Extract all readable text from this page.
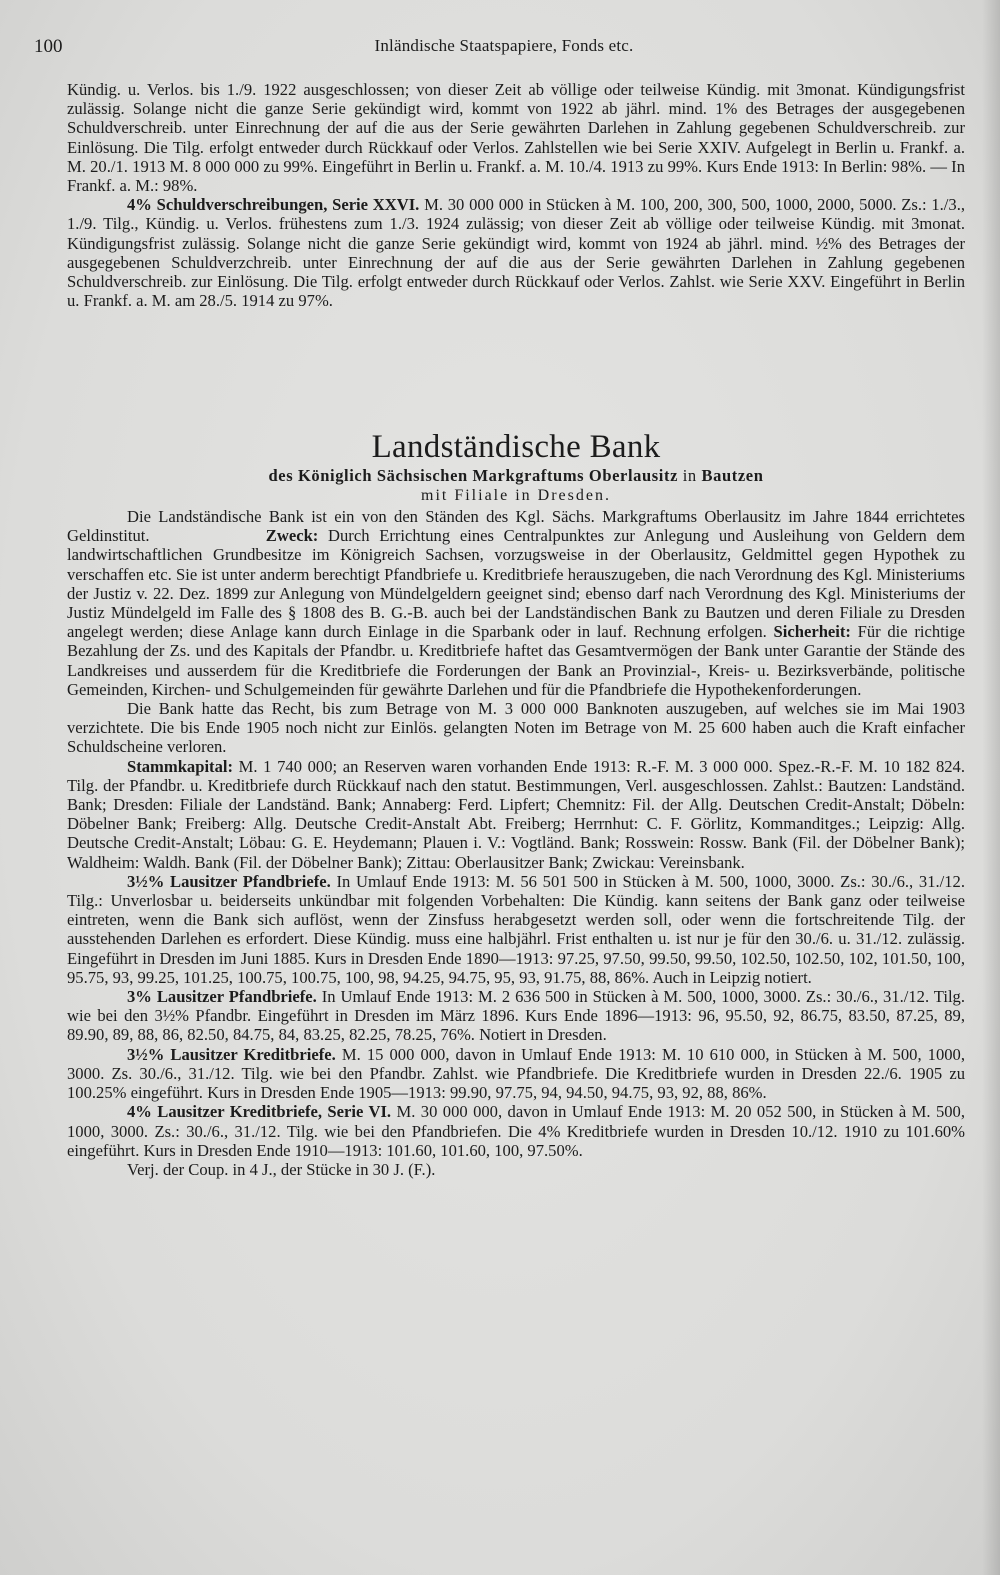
100	Inländische Staatspapiere, Fonds etc.

Kündig. u. Verlos. bis 1./9. 1922 ausgeschlossen; von dieser Zeit ab völlige oder teilweise Kündig. mit 3monat. Kündigungsfrist zulässig. Solange nicht die ganze Serie gekündigt wird, kommt von 1922 ab jährl. mind. 1% des Betrages der ausgegebenen Schuldverschreib. unter Einrechnung der auf die aus der Serie gewährten Darlehen in Zahlung gegebenen Schuldverschreib. zur Einlösung. Die Tilg. erfolgt entweder durch Rückkauf oder Verlos. Zahlstellen wie bei Serie XXIV. Aufgelegt in Berlin u. Frankf. a. M. 20./1. 1913 M. 8 000 000 zu 99%. Eingeführt in Berlin u. Frankf. a. M. 10./4. 1913 zu 99%. Kurs Ende 1913: In Berlin: 98%. — In Frankf. a. M.: 98%.

4% Schuldverschreibungen, Serie XXVI. M. 30 000 000 in Stücken à M. 100, 200, 300, 500, 1000, 2000, 5000. Zs.: 1./3., 1./9. Tilg., Kündig. u. Verlos. frühestens zum 1./3. 1924 zulässig; von dieser Zeit ab völlige oder teilweise Kündig. mit 3monat. Kündigungsfrist zulässig. Solange nicht die ganze Serie gekündigt wird, kommt von 1924 ab jährl. mind. ½% des Betrages der ausgegebenen Schuldverzchreib. unter Einrechnung der auf die aus der Serie gewährten Darlehen in Zahlung gegebenen Schuldverschreib. zur Einlösung. Die Tilg. erfolgt entweder durch Rückkauf oder Verlos. Zahlst. wie Serie XXV. Eingeführt in Berlin u. Frankf. a. M. am 28./5. 1914 zu 97%.

Landständische Bank
des Königlich Sächsischen Markgraftums Oberlausitz in Bautzen
mit Filiale in Dresden.

Die Landständische Bank ist ein von den Ständen des Kgl. Sächs. Markgraftums Oberlausitz im Jahre 1844 errichtetes Geldinstitut.	Zweck: Durch Errichtung eines Centralpunktes zur Anlegung und Ausleihung von Geldern dem landwirtschaftlichen Grundbesitze im Königreich Sachsen, vorzugsweise in der Oberlausitz, Geldmittel gegen Hypothek zu verschaffen etc. Sie ist unter anderm berechtigt Pfandbriefe u. Kreditbriefe herauszugeben, die nach Verordnung des Kgl. Ministeriums der Justiz v. 22. Dez. 1899 zur Anlegung von Mündelgeldern geeignet sind; ebenso darf nach Verordnung des Kgl. Ministeriums der Justiz Mündelgeld im Falle des § 1808 des B. G.-B. auch bei der Landständischen Bank zu Bautzen und deren Filiale zu Dresden angelegt werden; diese Anlage kann durch Einlage in die Sparbank oder in lauf. Rechnung erfolgen. Sicherheit: Für die richtige Bezahlung der Zs. und des Kapitals der Pfandbr. u. Kreditbriefe haftet das Gesamtvermögen der Bank unter Garantie der Stände des Landkreises und ausserdem für die Kreditbriefe die Forderungen der Bank an Provinzial-, Kreis- u. Bezirksverbände, politische Gemeinden, Kirchen- und Schulgemeinden für gewährte Darlehen und für die Pfandbriefe die Hypothekenforderungen.

Die Bank hatte das Recht, bis zum Betrage von M. 3 000 000 Banknoten auszugeben, auf welches sie im Mai 1903 verzichtete. Die bis Ende 1905 noch nicht zur Einlös. gelangten Noten im Betrage von M. 25 600 haben auch die Kraft einfacher Schuldscheine verloren.

Stammkapital: M. 1 740 000; an Reserven waren vorhanden Ende 1913: R.-F. M. 3 000 000. Spez.-R.-F. M. 10 182 824. Tilg. der Pfandbr. u. Kreditbriefe durch Rückkauf nach den statut. Bestimmungen, Verl. ausgeschlossen. Zahlst.: Bautzen: Landständ. Bank; Dresden: Filiale der Landständ. Bank; Annaberg: Ferd. Lipfert; Chemnitz: Fil. der Allg. Deutschen Credit-Anstalt; Döbeln: Döbelner Bank; Freiberg: Allg. Deutsche Credit-Anstalt Abt. Freiberg; Herrnhut: C. F. Görlitz, Kommanditges.; Leipzig: Allg. Deutsche Credit-Anstalt; Löbau: G. E. Heydemann; Plauen i. V.: Vogtländ. Bank; Rosswein: Rossw. Bank (Fil. der Döbelner Bank); Waldheim: Waldh. Bank (Fil. der Döbelner Bank); Zittau: Oberlausitzer Bank; Zwickau: Vereinsbank.

3½% Lausitzer Pfandbriefe. In Umlauf Ende 1913: M. 56 501 500 in Stücken à M. 500, 1000, 3000. Zs.: 30./6., 31./12. Tilg.: Unverlosbar u. beiderseits unkündbar mit folgenden Vorbehalten: Die Kündig. kann seitens der Bank ganz oder teilweise eintreten, wenn die Bank sich auflöst, wenn der Zinsfuss herabgesetzt werden soll, oder wenn die fortschreitende Tilg. der ausstehenden Darlehen es erfordert. Diese Kündig. muss eine halbjährl. Frist enthalten u. ist nur je für den 30./6. u. 31./12. zulässig. Eingeführt in Dresden im Juni 1885. Kurs in Dresden Ende 1890—1913: 97.25, 97.50, 99.50, 99.50, 102.50, 102.50, 102, 101.50, 100, 95.75, 93, 99.25, 101.25, 100.75, 100.75, 100, 98, 94.25, 94.75, 95, 93, 91.75, 88, 86%. Auch in Leipzig notiert.

3% Lausitzer Pfandbriefe. In Umlauf Ende 1913: M. 2 636 500 in Stücken à M. 500, 1000, 3000. Zs.: 30./6., 31./12. Tilg. wie bei den 3½% Pfandbr. Eingeführt in Dresden im März 1896. Kurs Ende 1896—1913: 96, 95.50, 92, 86.75, 83.50, 87.25, 89, 89.90, 89, 88, 86, 82.50, 84.75, 84, 83.25, 82.25, 78.25, 76%. Notiert in Dresden.

3½% Lausitzer Kreditbriefe. M. 15 000 000, davon in Umlauf Ende 1913: M. 10 610 000, in Stücken à M. 500, 1000, 3000. Zs. 30./6., 31./12. Tilg. wie bei den Pfandbr. Zahlst. wie Pfandbriefe. Die Kreditbriefe wurden in Dresden 22./6. 1905 zu 100.25% eingeführt. Kurs in Dresden Ende 1905—1913: 99.90, 97.75, 94, 94.50, 94.75, 93, 92, 88, 86%.

4% Lausitzer Kreditbriefe, Serie VI. M. 30 000 000, davon in Umlauf Ende 1913: M. 20 052 500, in Stücken à M. 500, 1000, 3000. Zs.: 30./6., 31./12. Tilg. wie bei den Pfandbriefen. Die 4% Kreditbriefe wurden in Dresden 10./12. 1910 zu 101.60% eingeführt. Kurs in Dresden Ende 1910—1913: 101.60, 101.60, 100, 97.50%.

Verj. der Coup. in 4 J., der Stücke in 30 J. (F.).
